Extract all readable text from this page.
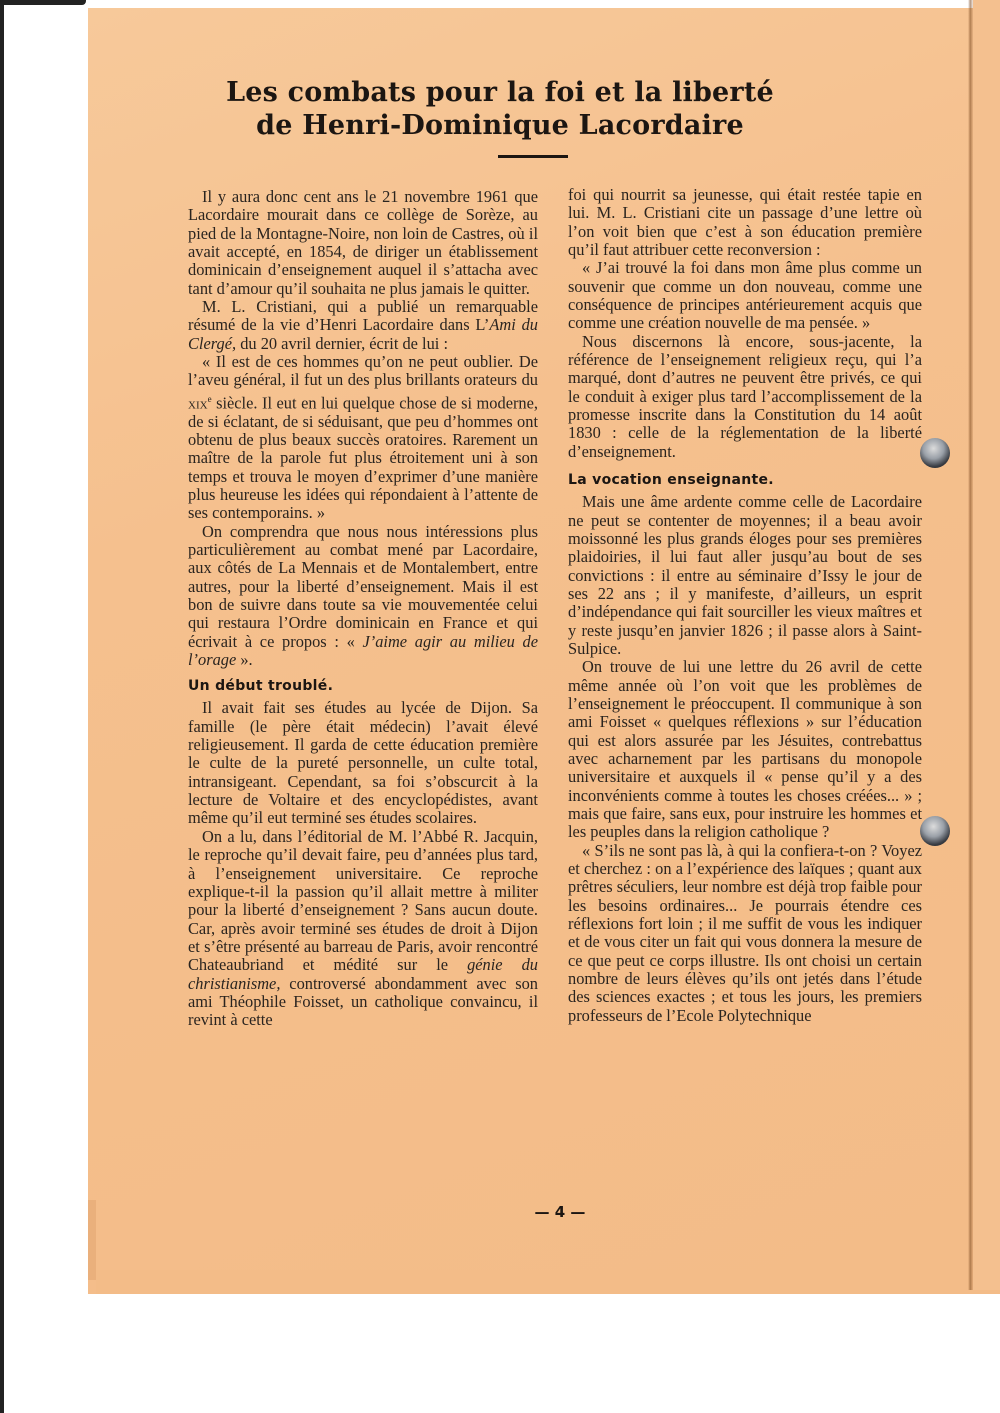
Les combats pour la foi et la liberté
de Henri-Dominique Lacordaire

Il y aura donc cent ans le 21 novembre 1961 que Lacordaire mourait dans ce collège de Sorèze, au pied de la Montagne-Noire, non loin de Castres, où il avait accepté, en 1854, de diriger un établissement dominicain d’enseignement auquel il s’attacha avec tant d’amour qu’il souhaita ne plus jamais le quitter.

M. L. Cristiani, qui a publié un remarquable résumé de la vie d’Henri Lacordaire dans L’Ami du Clergé, du 20 avril dernier, écrit de lui :

« Il est de ces hommes qu’on ne peut oublier. De l’aveu général, il fut un des plus brillants orateurs du xix$^e$ siècle. Il eut en lui quelque chose de si moderne, de si éclatant, de si séduisant, que peu d’hommes ont obtenu de plus beaux succès oratoires. Rarement un maître de la parole fut plus étroitement uni à son temps et trouva le moyen d’exprimer d’une manière plus heureuse les idées qui répondaient à l’attente de ses contemporains. »

On comprendra que nous nous intéressions plus particulièrement au combat mené par Lacordaire, aux côtés de La Mennais et de Montalembert, entre autres, pour la liberté d’enseignement. Mais il est bon de suivre dans toute sa vie mouvementée celui qui restaura l’Ordre dominicain en France et qui écrivait à ce propos : « J’aime agir au milieu de l’orage ».

Un début troublé.

Il avait fait ses études au lycée de Dijon. Sa famille (le père était médecin) l’avait élevé religieusement. Il garda de cette éducation première le culte de la pureté personnelle, un culte total, intransigeant. Cependant, sa foi s’obscurcit à la lecture de Voltaire et des encyclopédistes, avant même qu’il eut terminé ses études scolaires.

On a lu, dans l’éditorial de M. l’Abbé R. Jacquin, le reproche qu’il devait faire, peu d’années plus tard, à l’enseignement universitaire. Ce reproche explique-t-il la passion qu’il allait mettre à militer pour la liberté d’enseignement ? Sans aucun doute. Car, après avoir terminé ses études de droit à Dijon et s’être présenté au barreau de Paris, avoir rencontré Chateaubriand et médité sur le génie du christianisme, controversé abondamment avec son ami Théophile Foisset, un catholique convaincu, il revint à cette

foi qui nourrit sa jeunesse, qui était restée tapie en lui. M. L. Cristiani cite un passage d’une lettre où l’on voit bien que c’est à son éducation première qu’il faut attribuer cette reconversion :

« J’ai trouvé la foi dans mon âme plus comme un souvenir que comme un don nouveau, comme une conséquence de principes antérieurement acquis que comme une création nouvelle de ma pensée. »

Nous discernons là encore, sous-jacente, la référence de l’enseignement religieux reçu, qui l’a marqué, dont d’autres ne peuvent être privés, ce qui le conduit à exiger plus tard l’accomplissement de la promesse inscrite dans la Constitution du 14 août 1830 : celle de la réglementation de la liberté d’enseignement.

La vocation enseignante.

Mais une âme ardente comme celle de Lacordaire ne peut se contenter de moyennes; il a beau avoir moissonné les plus grands éloges pour ses premières plaidoiries, il lui faut aller jusqu’au bout de ses convictions : il entre au séminaire d’Issy le jour de ses 22 ans ; il y manifeste, d’ailleurs, un esprit d’indépendance qui fait sourciller les vieux maîtres et y reste jusqu’en janvier 1826 ; il passe alors à Saint-Sulpice.

On trouve de lui une lettre du 26 avril de cette même année où l’on voit que les problèmes de l’enseignement le préoccupent. Il communique à son ami Foisset « quelques réflexions » sur l’éducation qui est alors assurée par les Jésuites, contrebattus avec acharnement par les partisans du monopole universitaire et auxquels il « pense qu’il y a des inconvénients comme à toutes les choses créées... » ; mais que faire, sans eux, pour instruire les hommes et les peuples dans la religion catholique ?

« S’ils ne sont pas là, à qui la confiera-t-on ? Voyez et cherchez : on a l’expérience des laïques ; quant aux prêtres séculiers, leur nombre est déjà trop faible pour les besoins ordinaires... Je pourrais étendre ces réflexions fort loin ; il me suffit de vous les indiquer et de vous citer un fait qui vous donnera la mesure de ce que peut ce corps illustre. Ils ont choisi un certain nombre de leurs élèves qu’ils ont jetés dans l’étude des sciences exactes ; et tous les jours, les premiers professeurs de l’Ecole Polytechnique

— 4 —
